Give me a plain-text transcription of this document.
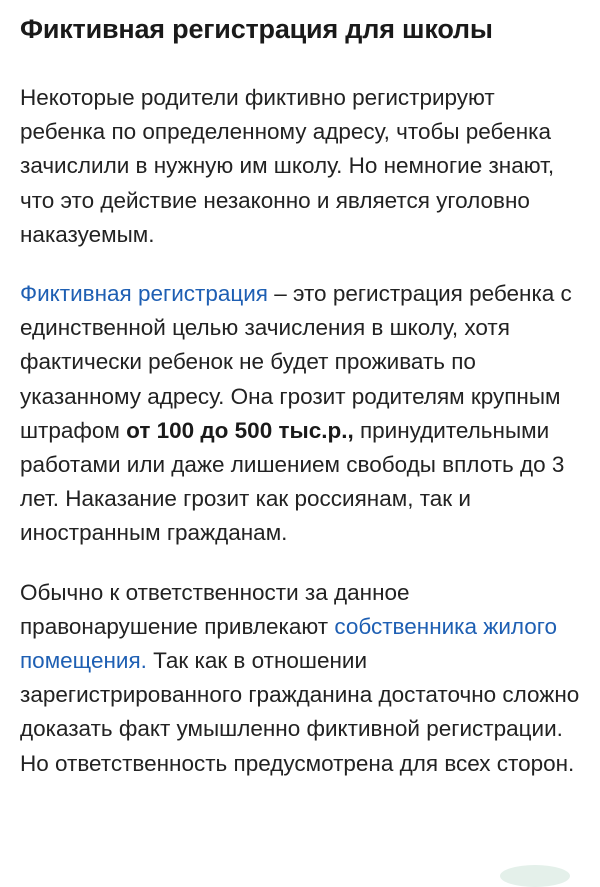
Фиктивная регистрация для школы

Некоторые родители фиктивно регистрируют ребенка по определенному адресу, чтобы ребенка зачислили в нужную им школу. Но немногие знают, что это действие незаконно и является уголовно наказуемым.

Фиктивная регистрация – это регистрация ребенка с единственной целью зачисления в школу, хотя фактически ребенок не будет проживать по указанному адресу. Она грозит родителям крупным штрафом от 100 до 500 тыс.р., принудительными работами или даже лишением свободы вплоть до 3 лет. Наказание грозит как россиянам, так и иностранным гражданам.

Обычно к ответственности за данное правонарушение привлекают собственника жилого помещения. Так как в отношении зарегистрированного гражданина достаточно сложно доказать факт умышленно фиктивной регистрации. Но ответственность предусмотрена для всех сторон.
